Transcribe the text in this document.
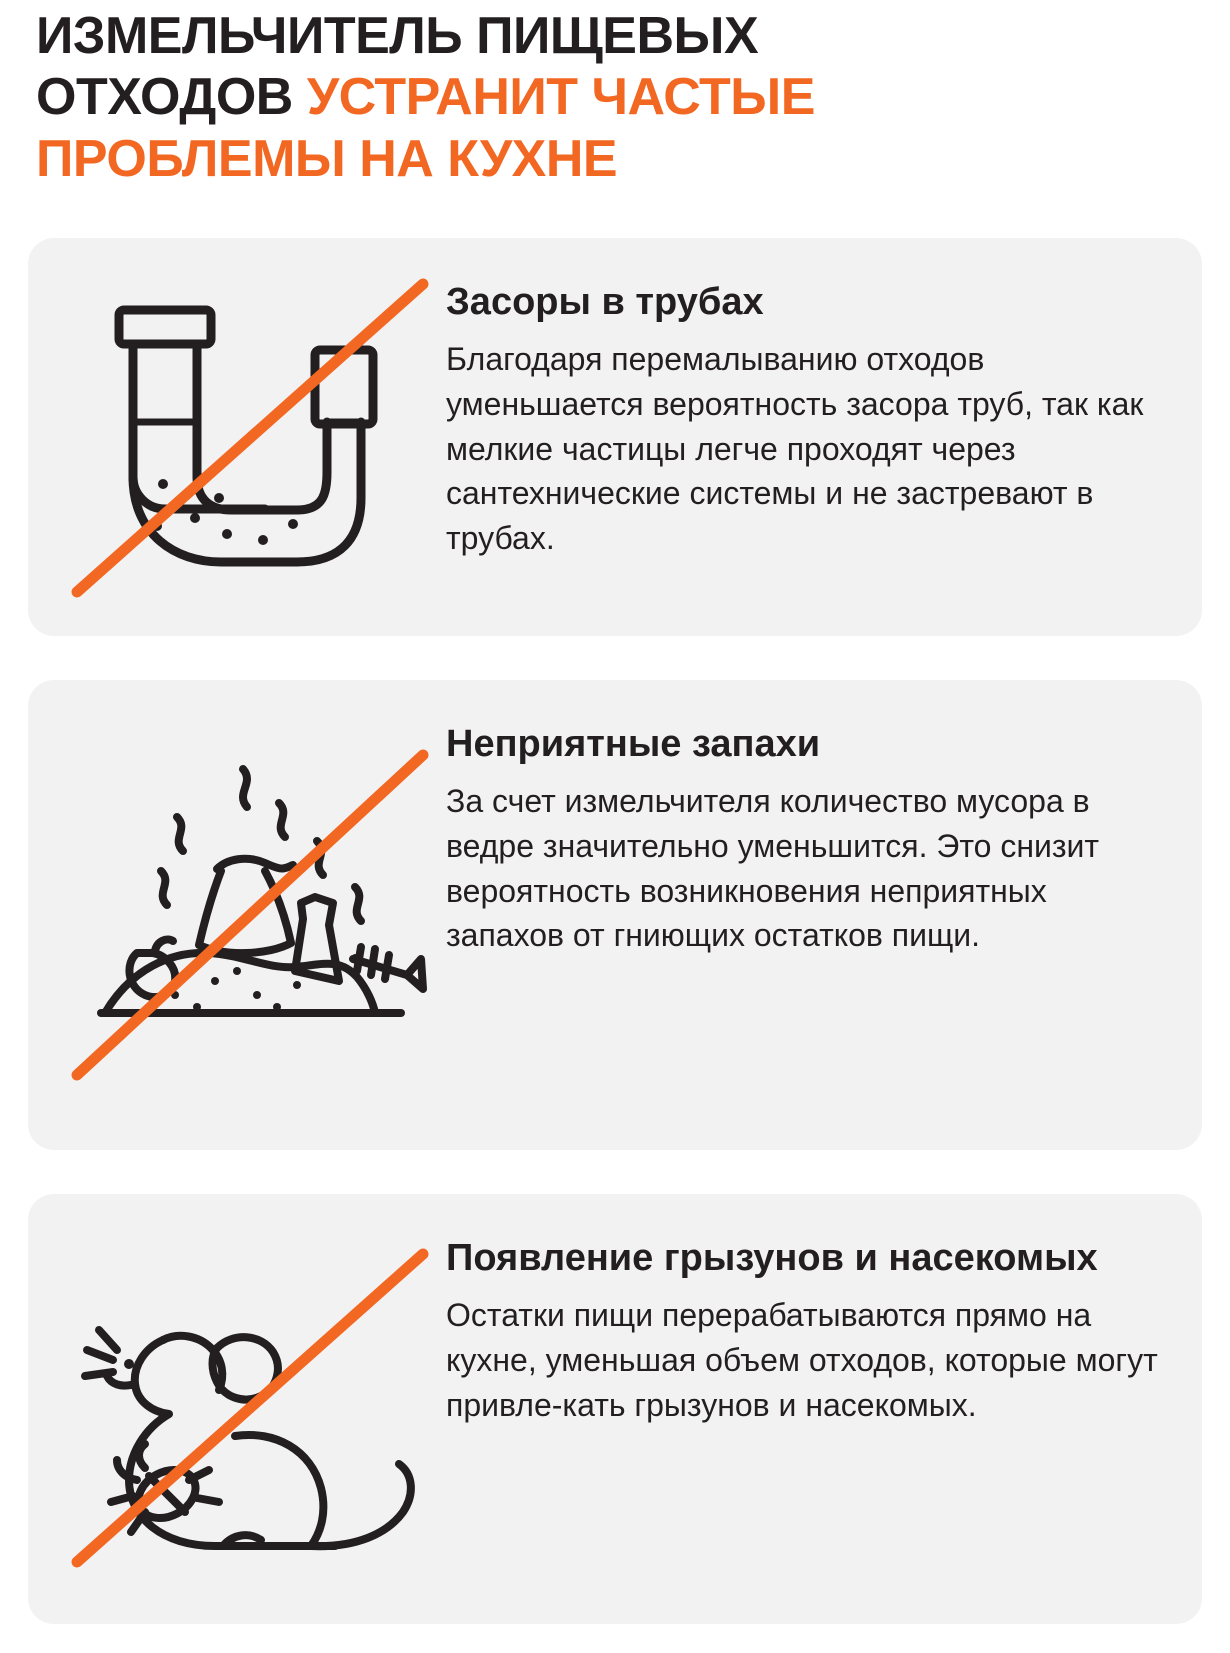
ИЗМЕЛЬЧИТЕЛЬ ПИЩЕВЫХ
ОТХОДОВ УСТРАНИТ ЧАСТЫЕ
ПРОБЛЕМЫ НА КУХНЕ
Засоры в трубах

Благодаря перемалыванию отходов уменьшается вероятность засора труб, так как мелкие частицы легче проходят через сантехнические системы и не застревают в трубах.

Неприятные запахи

За счет измельчителя количество мусора в ведре значительно уменьшится. Это снизит вероятность возникновения неприятных запахов от гниющих остатков пищи.

Появление грызунов и насекомых

Остатки пищи перерабатываются прямо на кухне, уменьшая объем отходов, которые могут привле-кать грызунов и насекомых.
